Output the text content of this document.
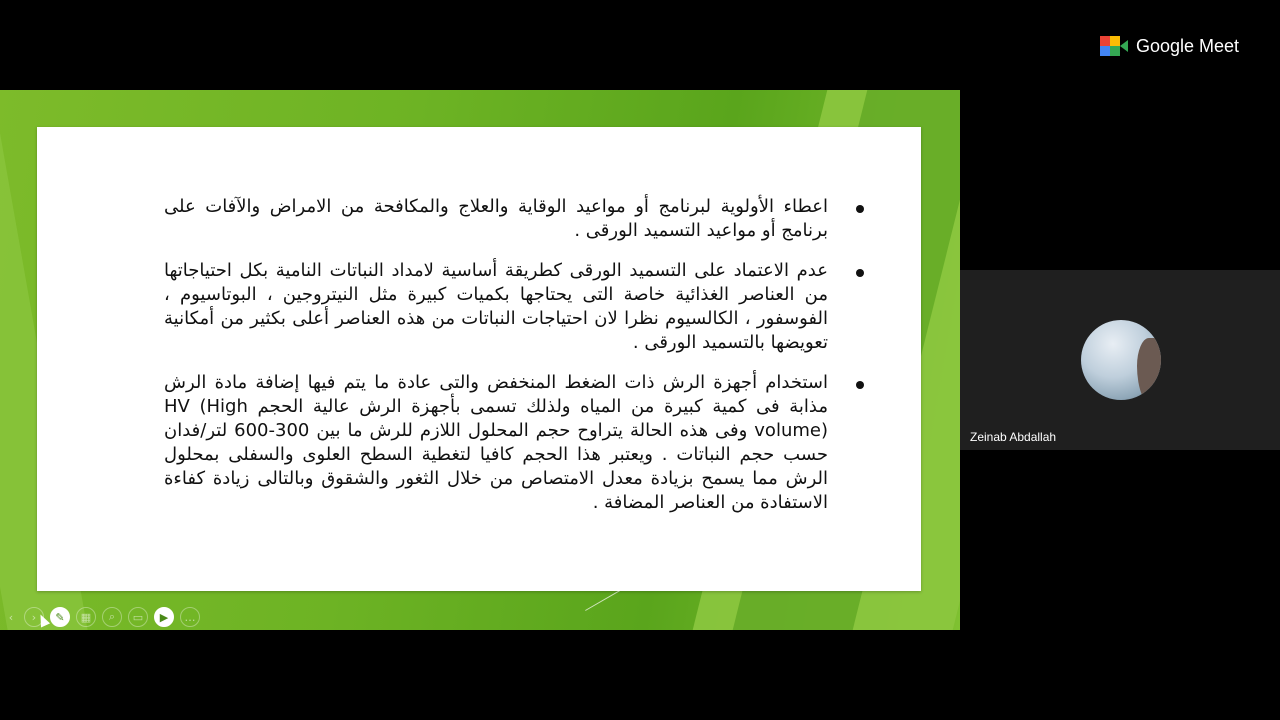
اعطاء الأولوية لبرنامج أو مواعيد الوقاية والعلاج والمكافحة من الامراض والآفات على برنامج أو مواعيد التسميد الورقى .
عدم الاعتماد على التسميد الورقى كطريقة أساسية لامداد النباتات النامية بكل احتياجاتها من العناصر الغذائية خاصة التى يحتاجها بكميات كبيرة مثل النيتروجين ، البوتاسيوم ، الفوسفور ، الكالسيوم نظرا لان احتياجات النباتات من هذه العناصر أعلى بكثير من أمكانية تعويضها بالتسميد الورقى .
استخدام أجهزة الرش ذات الضغط المنخفض والتى عادة ما يتم فيها إضافة مادة الرش مذابة فى كمية كبيرة من المياه ولذلك تسمى بأجهزة الرش عالية الحجم HV (High volume) وفى هذه الحالة يتراوح حجم المحلول اللازم للرش ما بين 300-600 لتر/فدان حسب حجم النباتات . ويعتبر هذا الحجم كافيا لتغطية السطح العلوى والسفلى بمحلول الرش مما يسمح بزيادة معدل الامتصاص من خلال الثغور والشقوق وبالتالى زيادة كفاءة الاستفادة من العناصر المضافة .
‹	›	✎	▦	⌕	▭	▶	…
Google Meet
Zeinab Abdallah
